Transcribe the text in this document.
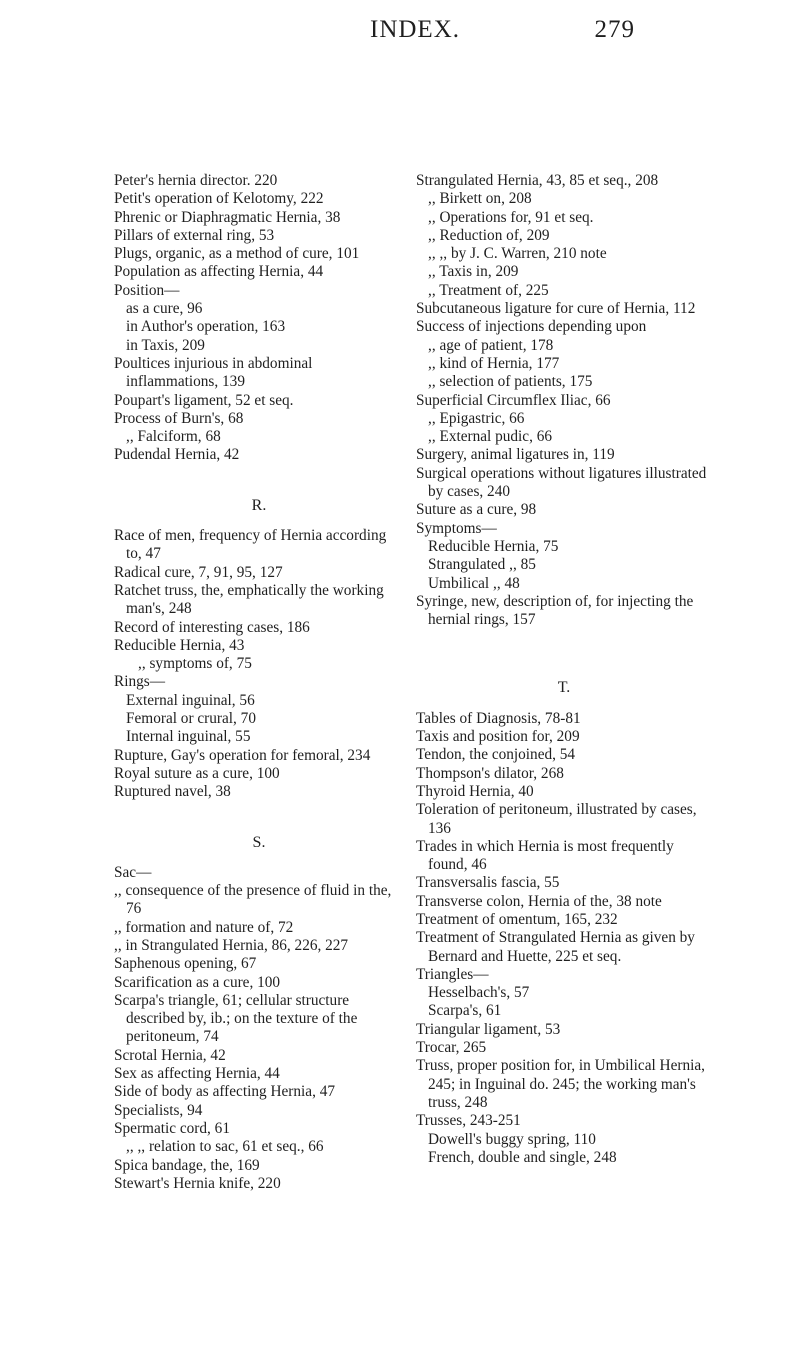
INDEX.	279
Peter's hernia director. 220
Petit's operation of Kelotomy, 222
Phrenic or Diaphragmatic Hernia, 38
Pillars of external ring, 53
Plugs, organic, as a method of cure, 101
Population as affecting Hernia, 44
Position—
as a cure, 96
in Author's operation, 163
in Taxis, 209
Poultices injurious in abdominal inflammations, 139
Poupart's ligament, 52 et seq.
Process of Burn's, 68
,, Falciform, 68
Pudendal Hernia, 42
R.
Race of men, frequency of Hernia according to, 47
Radical cure, 7, 91, 95, 127
Ratchet truss, the, emphatically the working man's, 248
Record of interesting cases, 186
Reducible Hernia, 43
,, symptoms of, 75
Rings—
External inguinal, 56
Femoral or crural, 70
Internal inguinal, 55
Rupture, Gay's operation for femoral, 234
Royal suture as a cure, 100
Ruptured navel, 38
S.
Sac—
,, consequence of the presence of fluid in the, 76
,, formation and nature of, 72
,, in Strangulated Hernia, 86, 226, 227
Saphenous opening, 67
Scarification as a cure, 100
Scarpa's triangle, 61; cellular structure described by, ib.; on the texture of the peritoneum, 74
Scrotal Hernia, 42
Sex as affecting Hernia, 44
Side of body as affecting Hernia, 47
Specialists, 94
Spermatic cord, 61
,, ,, relation to sac, 61 et seq., 66
Spica bandage, the, 169
Stewart's Hernia knife, 220
Strangulated Hernia, 43, 85 et seq., 208
,, Birkett on, 208
,, Operations for, 91 et seq.
,, Reduction of, 209
,, ,, by J. C. Warren, 210 note
,, Taxis in, 209
,, Treatment of, 225
Subcutaneous ligature for cure of Hernia, 112
Success of injections depending upon
,, age of patient, 178
,, kind of Hernia, 177
,, selection of patients, 175
Superficial Circumflex Iliac, 66
,, Epigastric, 66
,, External pudic, 66
Surgery, animal ligatures in, 119
Surgical operations without ligatures illustrated by cases, 240
Suture as a cure, 98
Symptoms—
Reducible Hernia, 75
Strangulated ,, 85
Umbilical ,, 48
Syringe, new, description of, for injecting the hernial rings, 157
T.
Tables of Diagnosis, 78-81
Taxis and position for, 209
Tendon, the conjoined, 54
Thompson's dilator, 268
Thyroid Hernia, 40
Toleration of peritoneum, illustrated by cases, 136
Trades in which Hernia is most frequently found, 46
Transversalis fascia, 55
Transverse colon, Hernia of the, 38 note
Treatment of omentum, 165, 232
Treatment of Strangulated Hernia as given by Bernard and Huette, 225 et seq.
Triangles—
Hesselbach's, 57
Scarpa's, 61
Triangular ligament, 53
Trocar, 265
Truss, proper position for, in Umbilical Hernia, 245; in Inguinal do. 245; the working man's truss, 248
Trusses, 243-251
Dowell's buggy spring, 110
French, double and single, 248
